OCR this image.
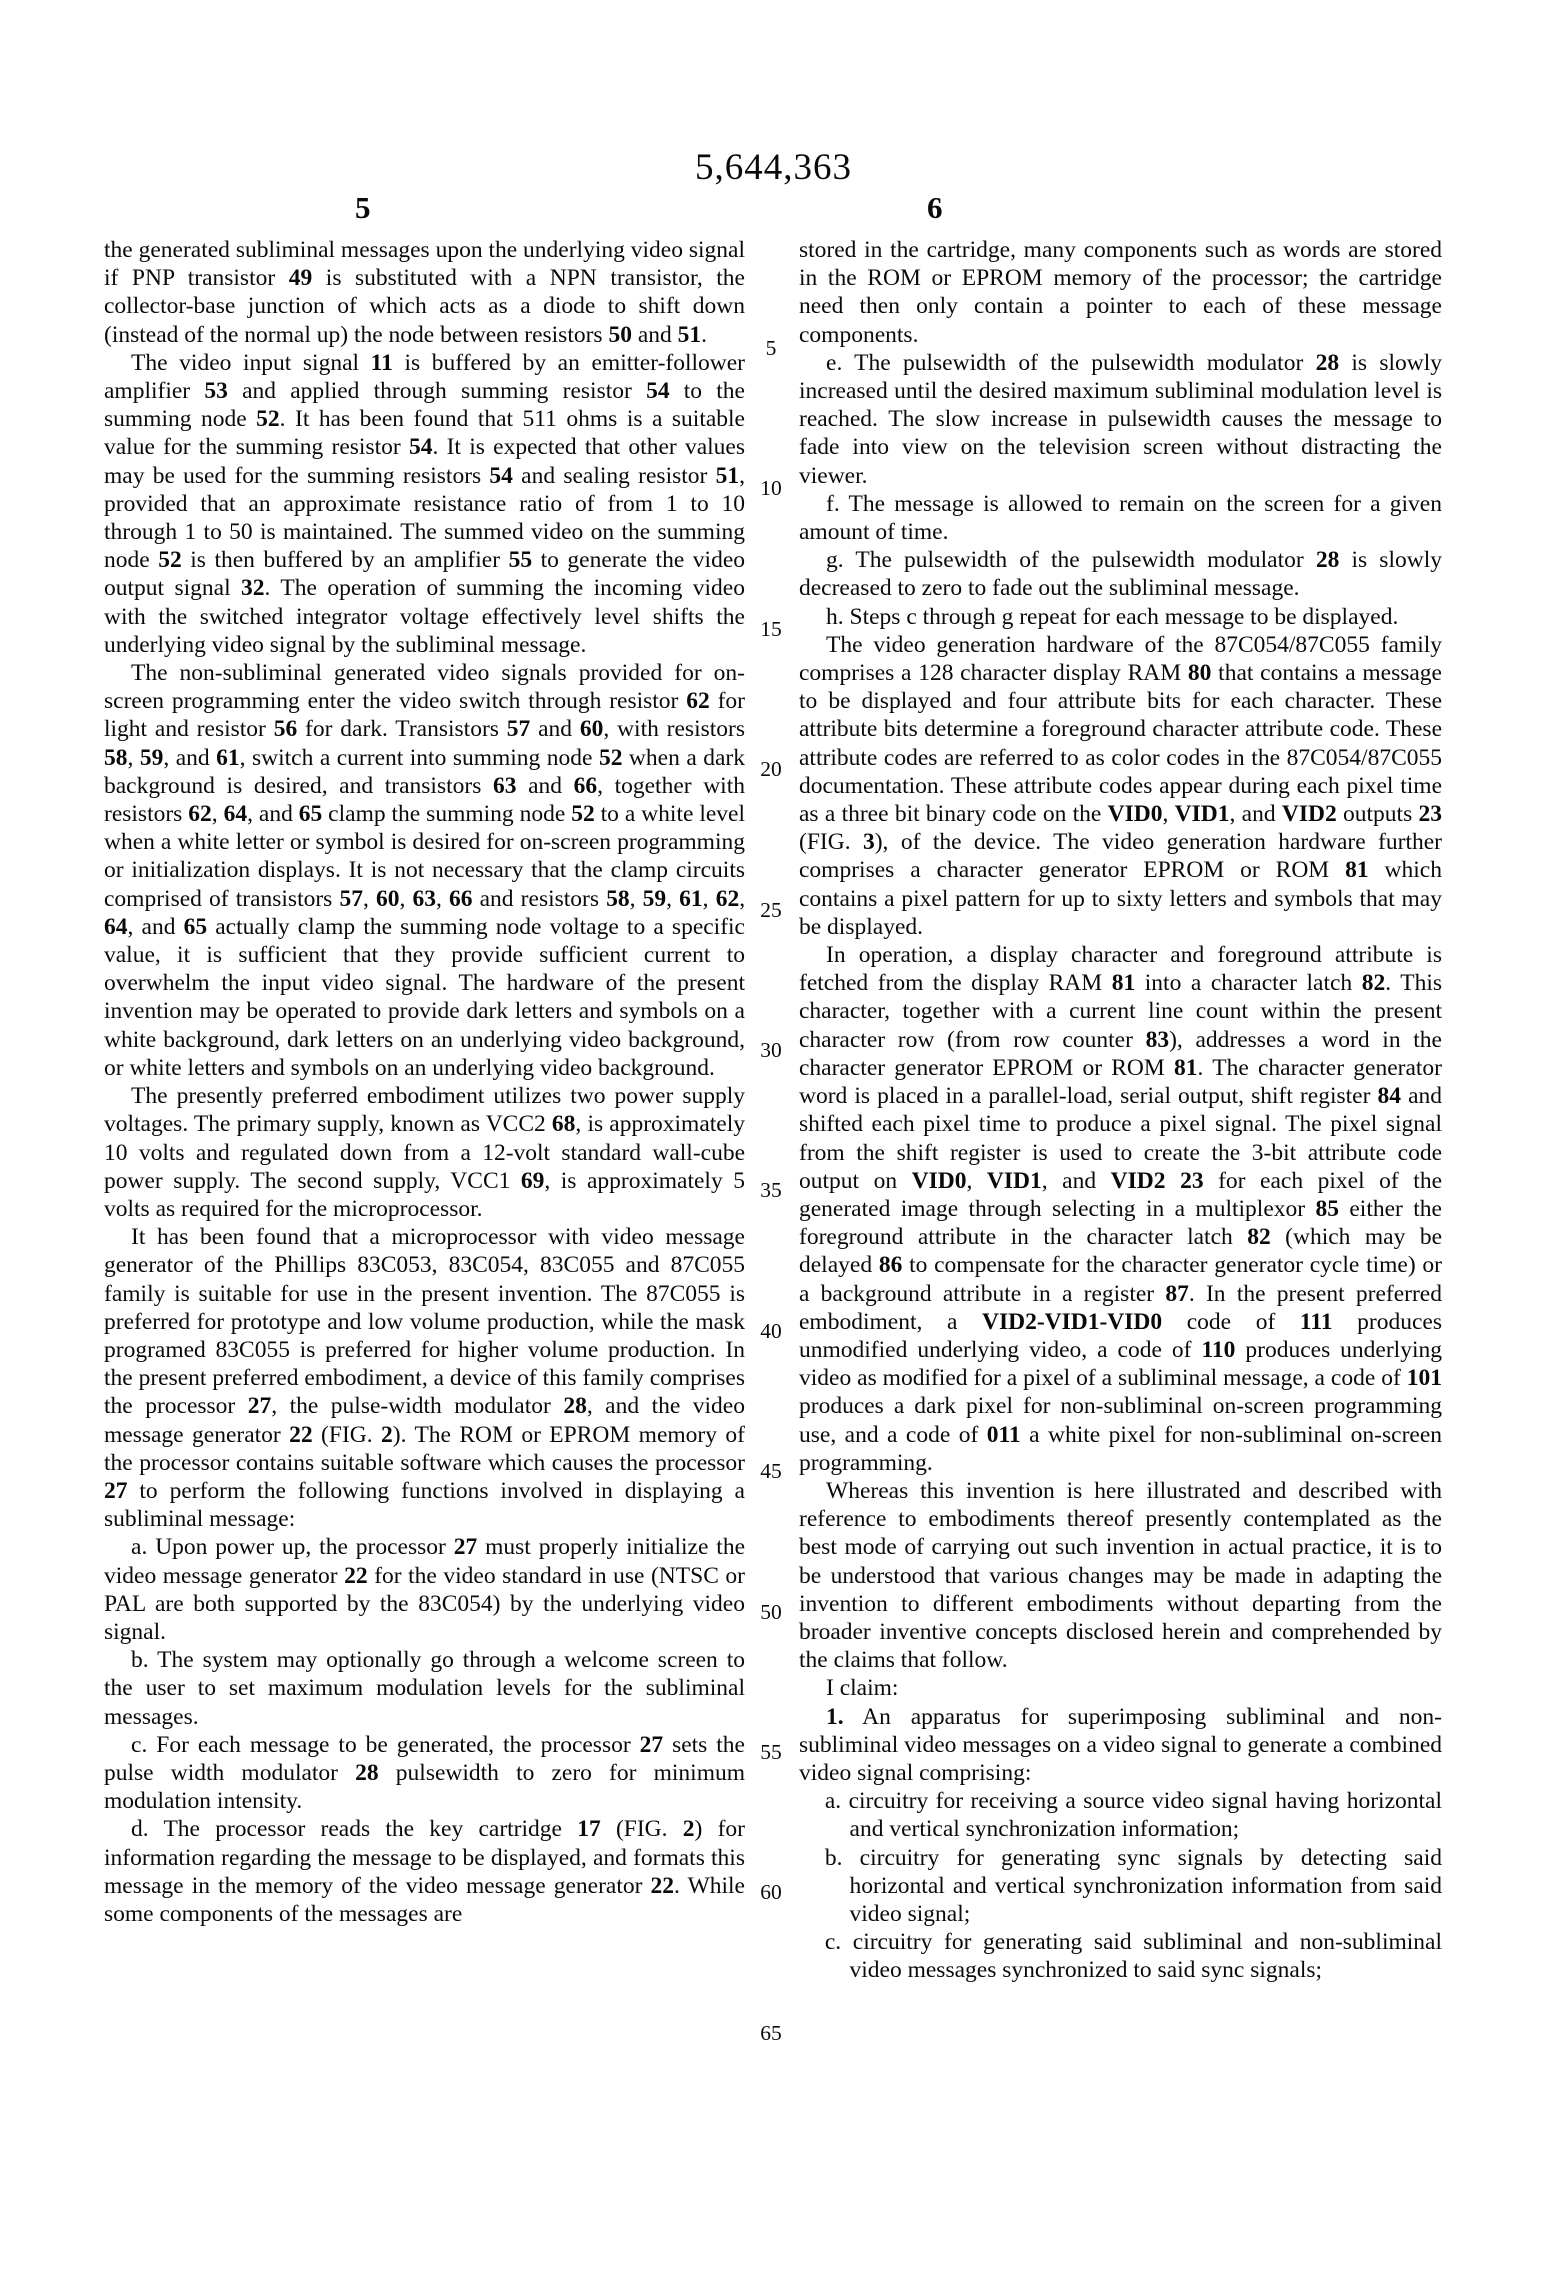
5,644,363
5	6
5
10
15
20
25
30
35
40
45
50
55
60
65
the generated subliminal messages upon the underlying video signal if PNP transistor 49 is substituted with a NPN transistor, the collector-base junction of which acts as a diode to shift down (instead of the normal up) the node between resistors 50 and 51.
The video input signal 11 is buffered by an emitter-follower amplifier 53 and applied through summing resistor 54 to the summing node 52. It has been found that 511 ohms is a suitable value for the summing resistor 54. It is expected that other values may be used for the summing resistors 54 and sealing resistor 51, provided that an approximate resistance ratio of from 1 to 10 through 1 to 50 is maintained. The summed video on the summing node 52 is then buffered by an amplifier 55 to generate the video output signal 32. The operation of summing the incoming video with the switched integrator voltage effectively level shifts the underlying video signal by the subliminal message.
The non-subliminal generated video signals provided for on-screen programming enter the video switch through resistor 62 for light and resistor 56 for dark. Transistors 57 and 60, with resistors 58, 59, and 61, switch a current into summing node 52 when a dark background is desired, and transistors 63 and 66, together with resistors 62, 64, and 65 clamp the summing node 52 to a white level when a white letter or symbol is desired for on-screen programming or initialization displays. It is not necessary that the clamp circuits comprised of transistors 57, 60, 63, 66 and resistors 58, 59, 61, 62, 64, and 65 actually clamp the summing node voltage to a specific value, it is sufficient that they provide sufficient current to overwhelm the input video signal. The hardware of the present invention may be operated to provide dark letters and symbols on a white background, dark letters on an underlying video background, or white letters and symbols on an underlying video background.
The presently preferred embodiment utilizes two power supply voltages. The primary supply, known as VCC2 68, is approximately 10 volts and regulated down from a 12-volt standard wall-cube power supply. The second supply, VCC1 69, is approximately 5 volts as required for the microprocessor.
It has been found that a microprocessor with video message generator of the Phillips 83C053, 83C054, 83C055 and 87C055 family is suitable for use in the present invention. The 87C055 is preferred for prototype and low volume production, while the mask programed 83C055 is preferred for higher volume production. In the present preferred embodiment, a device of this family comprises the processor 27, the pulse-width modulator 28, and the video message generator 22 (FIG. 2). The ROM or EPROM memory of the processor contains suitable software which causes the processor 27 to perform the following functions involved in displaying a subliminal message:
a. Upon power up, the processor 27 must properly initialize the video message generator 22 for the video standard in use (NTSC or PAL are both supported by the 83C054) by the underlying video signal.
b. The system may optionally go through a welcome screen to the user to set maximum modulation levels for the subliminal messages.
c. For each message to be generated, the processor 27 sets the pulse width modulator 28 pulsewidth to zero for minimum modulation intensity.
d. The processor reads the key cartridge 17 (FIG. 2) for information regarding the message to be displayed, and formats this message in the memory of the video message generator 22. While some components of the messages are
stored in the cartridge, many components such as words are stored in the ROM or EPROM memory of the processor; the cartridge need then only contain a pointer to each of these message components.
e. The pulsewidth of the pulsewidth modulator 28 is slowly increased until the desired maximum subliminal modulation level is reached. The slow increase in pulsewidth causes the message to fade into view on the television screen without distracting the viewer.
f. The message is allowed to remain on the screen for a given amount of time.
g. The pulsewidth of the pulsewidth modulator 28 is slowly decreased to zero to fade out the subliminal message.
h. Steps c through g repeat for each message to be displayed.
The video generation hardware of the 87C054/87C055 family comprises a 128 character display RAM 80 that contains a message to be displayed and four attribute bits for each character. These attribute bits determine a foreground character attribute code. These attribute codes are referred to as color codes in the 87C054/87C055 documentation. These attribute codes appear during each pixel time as a three bit binary code on the VID0, VID1, and VID2 outputs 23 (FIG. 3), of the device. The video generation hardware further comprises a character generator EPROM or ROM 81 which contains a pixel pattern for up to sixty letters and symbols that may be displayed.
In operation, a display character and foreground attribute is fetched from the display RAM 81 into a character latch 82. This character, together with a current line count within the present character row (from row counter 83), addresses a word in the character generator EPROM or ROM 81. The character generator word is placed in a parallel-load, serial output, shift register 84 and shifted each pixel time to produce a pixel signal. The pixel signal from the shift register is used to create the 3-bit attribute code output on VID0, VID1, and VID2 23 for each pixel of the generated image through selecting in a multiplexor 85 either the foreground attribute in the character latch 82 (which may be delayed 86 to compensate for the character generator cycle time) or a background attribute in a register 87. In the present preferred embodiment, a VID2-VID1-VID0 code of 111 produces unmodified underlying video, a code of 110 produces underlying video as modified for a pixel of a subliminal message, a code of 101 produces a dark pixel for non-subliminal on-screen programming use, and a code of 011 a white pixel for non-subliminal on-screen programming.
Whereas this invention is here illustrated and described with reference to embodiments thereof presently contemplated as the best mode of carrying out such invention in actual practice, it is to be understood that various changes may be made in adapting the invention to different embodiments without departing from the broader inventive concepts disclosed herein and comprehended by the claims that follow.
I claim:
1. An apparatus for superimposing subliminal and non-subliminal video messages on a video signal to generate a combined video signal comprising:
a. circuitry for receiving a source video signal having horizontal and vertical synchronization information;
b. circuitry for generating sync signals by detecting said horizontal and vertical synchronization information from said video signal;
c. circuitry for generating said subliminal and non-subliminal video messages synchronized to said sync signals;
